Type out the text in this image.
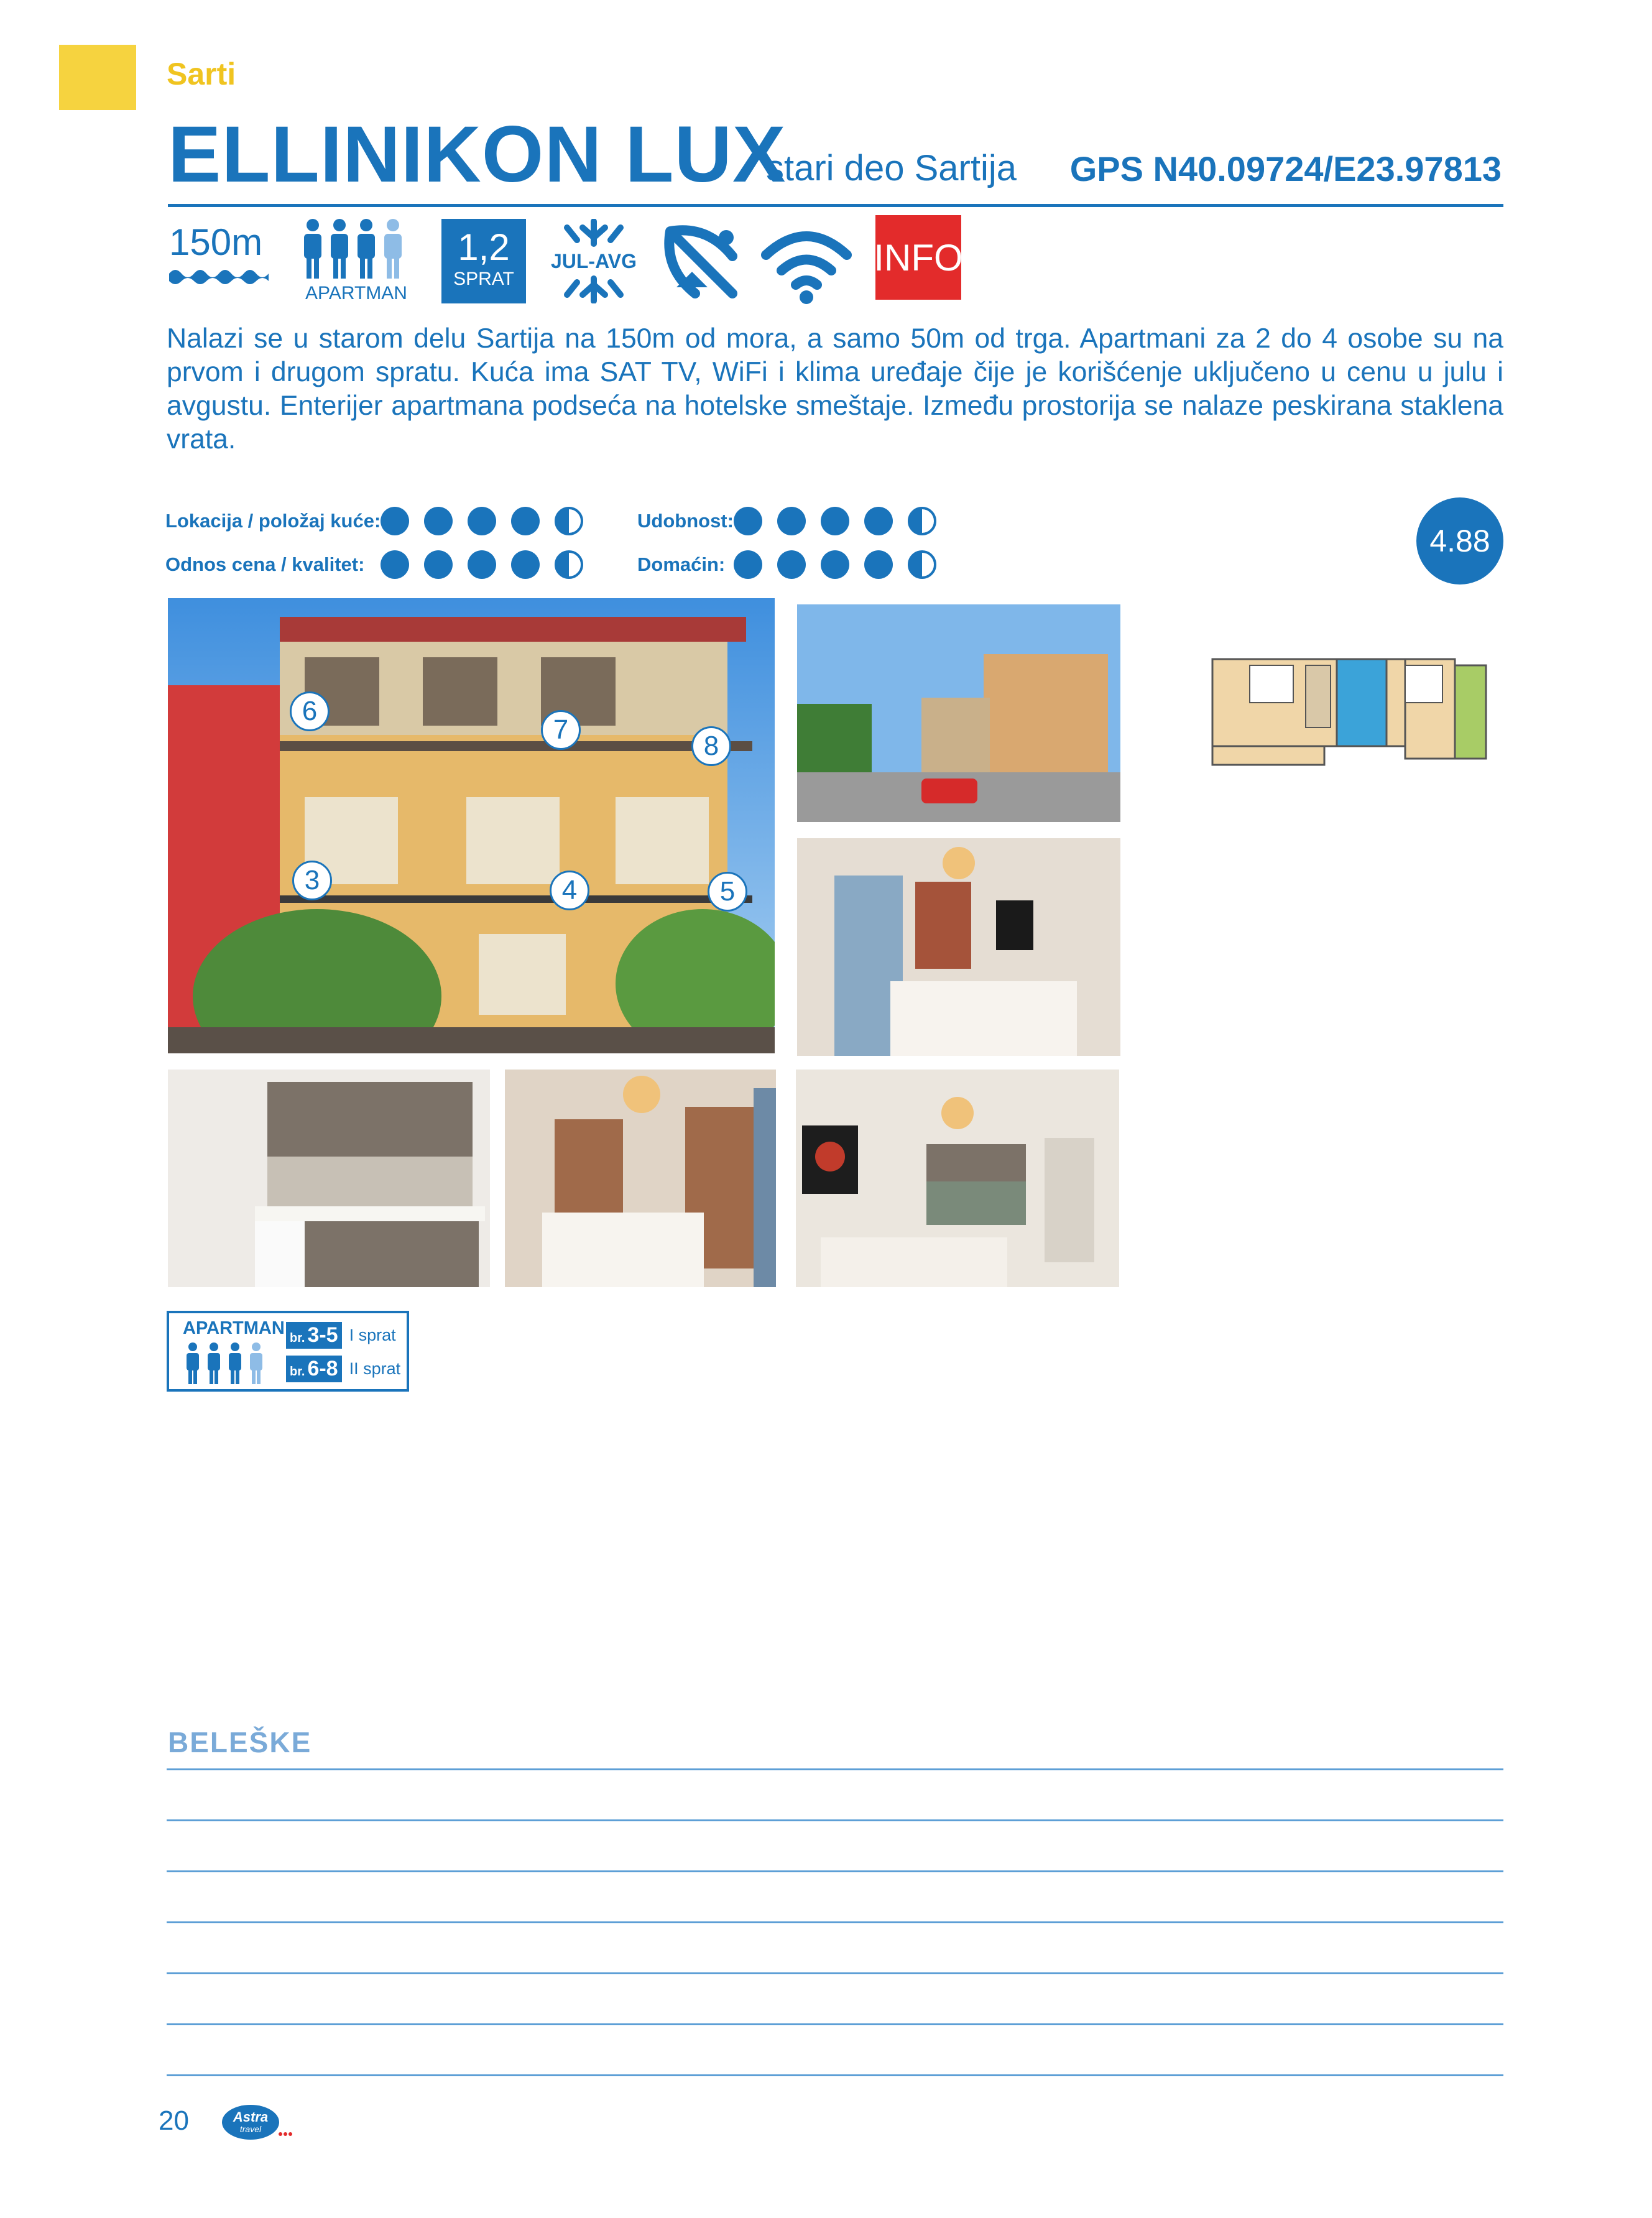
Sarti
ELLINIKON LUX
stari deo Sartija GPS N40.09724/E23.97813
150m
APARTMAN
1,2
SPRAT
JUL-AVG	INFO
Nalazi se u starom delu Sartija na 150m od mora, a samo 50m od trga. Apartmani za 2 do 4 osobe su na prvom i drugom spratu. Kuća ima SAT TV, WiFi i klima uređaje čije je korišćenje uključeno u cenu u julu i avgustu. Enterijer apartmana podseća na hotelske smeštaje. Između prostorija se nalaze peskirana staklena vrata.
Lokacija / položaj kuće:	Udobnost:
Odnos cena / kvalitet:	Domaćin:
4.88
6
7
8
3	4	5
APARTMAN br. 3-5 I sprat
br. 6-8 II sprat
BELEŠKE
20	Astra
travel
